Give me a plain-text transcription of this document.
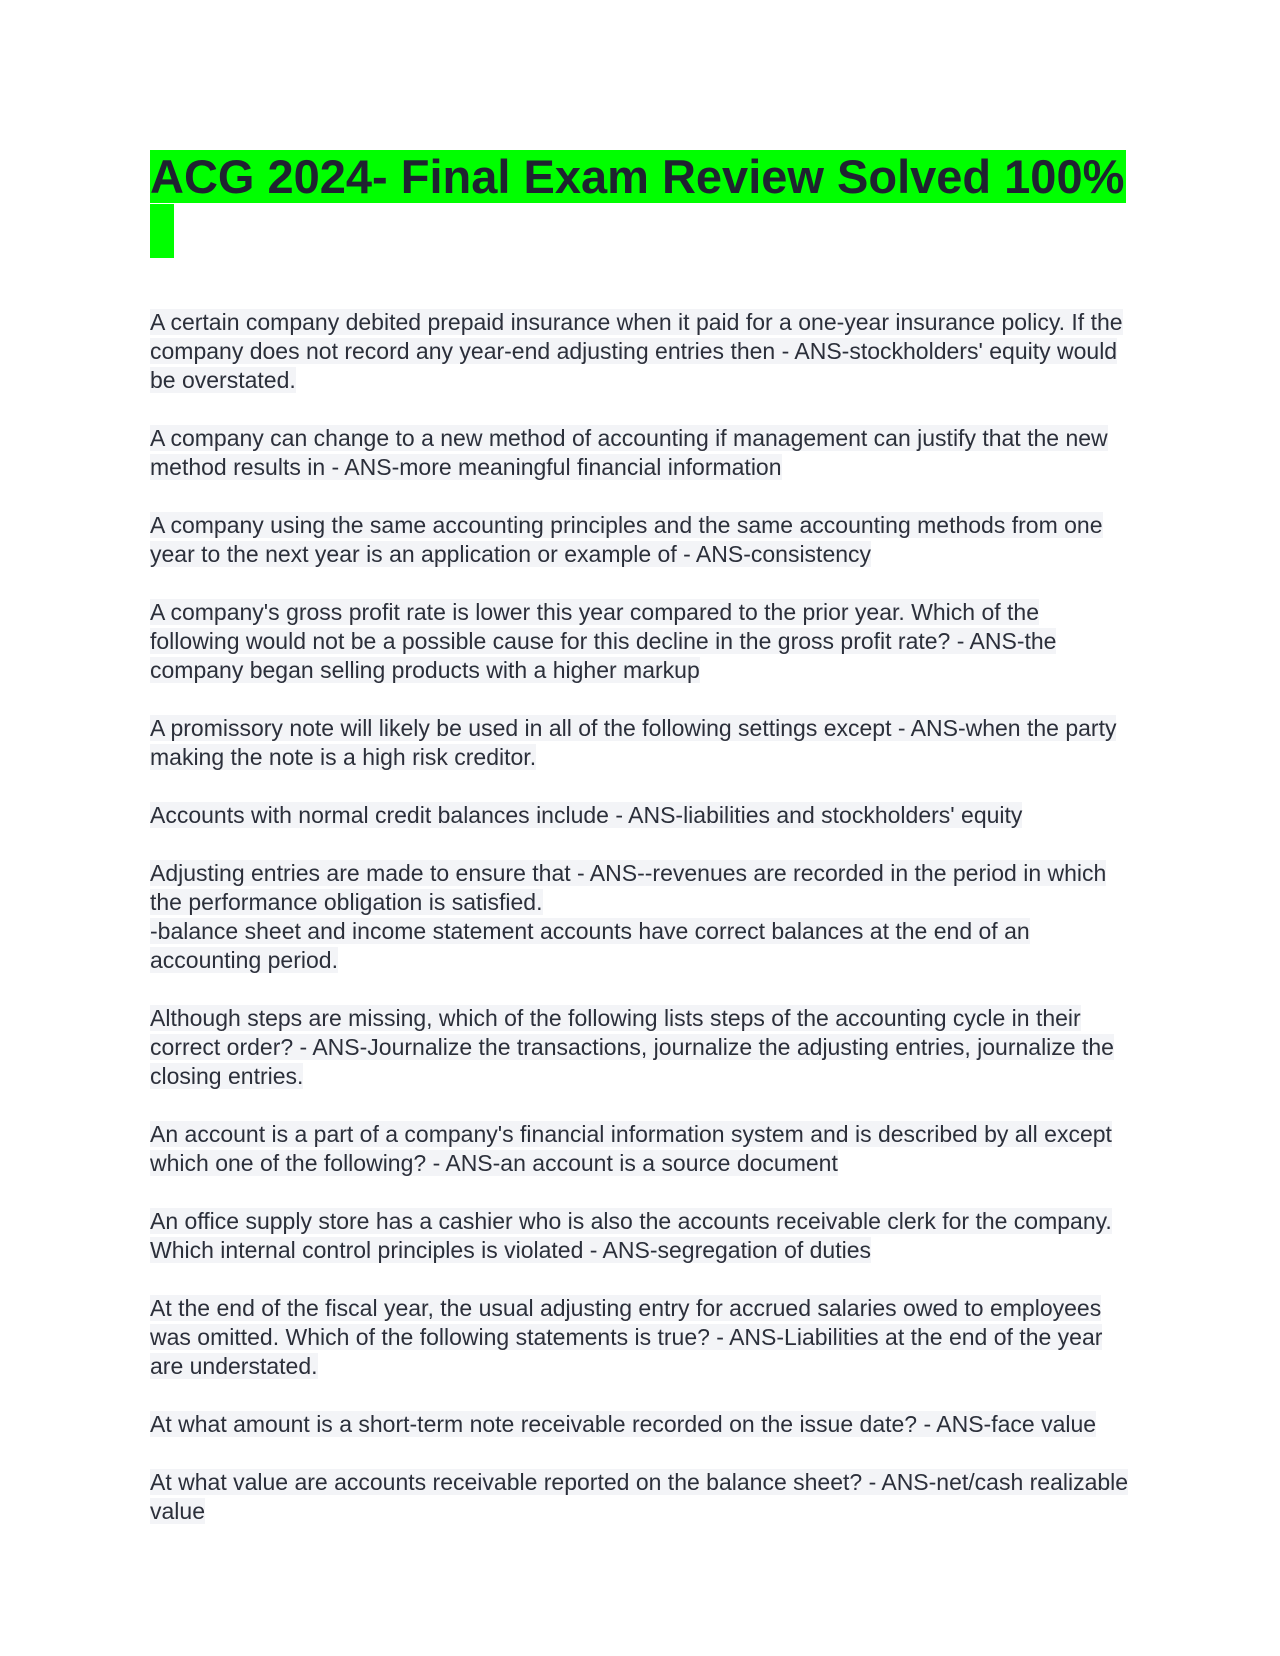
ACG 2024- Final Exam Review Solved 100%

A certain company debited prepaid insurance when it paid for a one-year insurance policy. If the company does not record any year-end adjusting entries then - ANS-stockholders' equity would be overstated.

A company can change to a new method of accounting if management can justify that the new method results in - ANS-more meaningful financial information

A company using the same accounting principles and the same accounting methods from one year to the next year is an application or example of - ANS-consistency

A company's gross profit rate is lower this year compared to the prior year. Which of the following would not be a possible cause for this decline in the gross profit rate? - ANS-the company began selling products with a higher markup

A promissory note will likely be used in all of the following settings except - ANS-when the party making the note is a high risk creditor.

Accounts with normal credit balances include - ANS-liabilities and stockholders' equity

Adjusting entries are made to ensure that - ANS--revenues are recorded in the period in which the performance obligation is satisfied.
-balance sheet and income statement accounts have correct balances at the end of an accounting period.

Although steps are missing, which of the following lists steps of the accounting cycle in their correct order? - ANS-Journalize the transactions, journalize the adjusting entries, journalize the closing entries.

An account is a part of a company's financial information system and is described by all except which one of the following? - ANS-an account is a source document

An office supply store has a cashier who is also the accounts receivable clerk for the company. Which internal control principles is violated - ANS-segregation of duties

At the end of the fiscal year, the usual adjusting entry for accrued salaries owed to employees was omitted. Which of the following statements is true? - ANS-Liabilities at the end of the year are understated.

At what amount is a short-term note receivable recorded on the issue date? - ANS-face value

At what value are accounts receivable reported on the balance sheet? - ANS-net/cash realizable value
